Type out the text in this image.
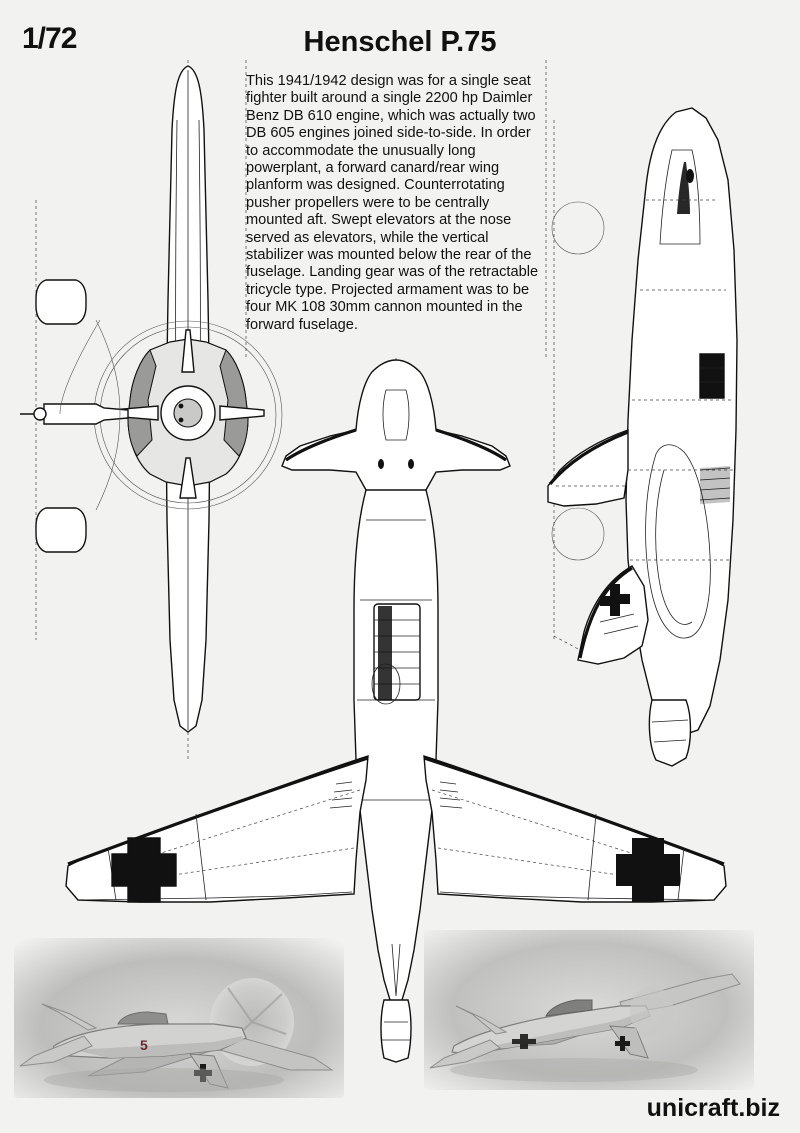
5
1/72	Henschel P.75
This 1941/1942 design was for a single seat fighter built around a single 2200 hp Daimler Benz DB 610 engine, which was actually two DB 605 engines joined side-to-side. In order to accommodate the unusually long powerplant, a forward canard/rear wing planform was designed. Counterrotating pusher propellers were to be centrally mounted aft. Swept elevators at the nose served as elevators, while the vertical stabilizer was mounted below the rear of the fuselage. Landing gear was of the retractable tricycle type. Projected armament was to be four MK 108 30mm cannon mounted in the forward fuselage.
unicraft.biz
